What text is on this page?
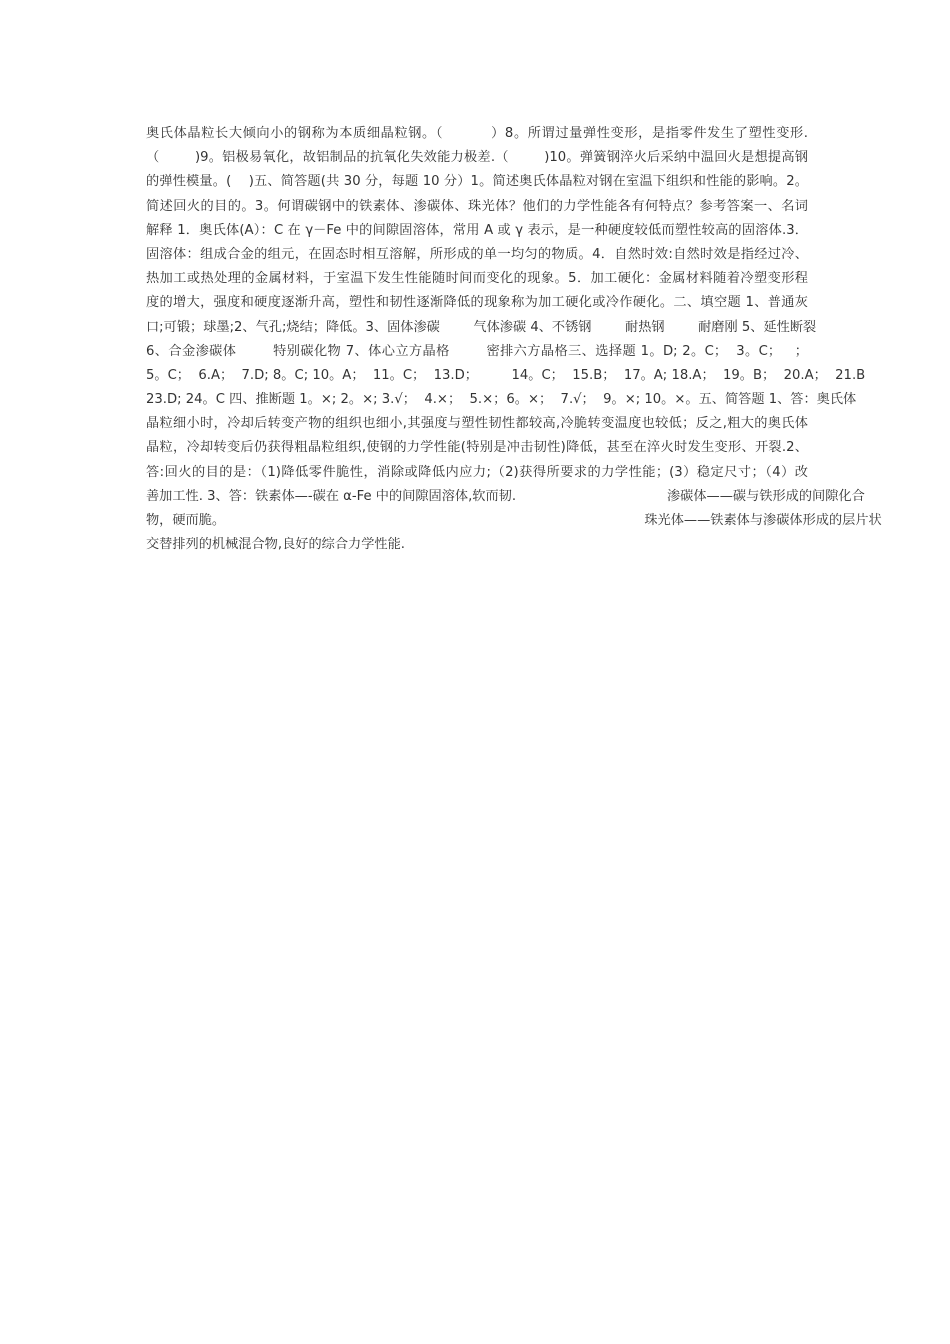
奥氏体晶粒长大倾向小的钢称为本质细晶粒钢。（          ）8。所谓过量弹性变形，是指零件发生了塑性变形.
（        )9。铝极易氧化，故铝制品的抗氧化失效能力极差.（        )10。弹簧钢淬火后采纳中温回火是想提高钢
的弹性模量。(    )五、简答题(共 30 分，每题 10 分）1。简述奥氏体晶粒对钢在室温下组织和性能的影响。2。
简述回火的目的。3。何谓碳钢中的铁素体、渗碳体、珠光体？他们的力学性能各有何特点？参考答案一、名词
解释 1．奥氏体(A）：C 在 γ－Fe 中的间隙固溶体，常用 A 或 γ 表示，是一种硬度较低而塑性较高的固溶体.3．
固溶体：组成合金的组元，在固态时相互溶解，所形成的单一均匀的物质。4．自然时效:自然时效是指经过冷、
热加工或热处理的金属材料，于室温下发生性能随时间而变化的现象。5．加工硬化：金属材料随着冷塑变形程
度的增大，强度和硬度逐渐升高，塑性和韧性逐渐降低的现象称为加工硬化或冷作硬化。二、填空题 1、普通灰
口;可锻；球墨;2、气孔;烧结；降低。3、固体渗碳        气体渗碳 4、不锈钢        耐热钢        耐磨刚 5、延性断裂
6、合金渗碳体        特别碳化物 7、体心立方晶格        密排六方晶格三、选择题 1。D; 2。C；  3。C；   ；
5。C；  6.A；  7.D; 8。C; 10。A；  11。C；  13.D；        14。C；  15.B；  17。A; 18.A；  19。B；  20.A；  21.B
23.D; 24。C 四、推断题 1。×; 2。×; 3.√；  4.×；  5.×；6。×；  7.√；  9。×; 10。×。五、简答题 1、答：奥氏体
晶粒细小时，冷却后转变产物的组织也细小,其强度与塑性韧性都较高,冷脆转变温度也较低；反之,粗大的奥氏体
晶粒，冷却转变后仍获得粗晶粒组织,使钢的力学性能(特别是冲击韧性)降低，甚至在淬火时发生变形、开裂.2、
答:回火的目的是：（1)降低零件脆性，消除或降低内应力;（2)获得所要求的力学性能；(3）稳定尺寸；（4）改
善加工性. 3、答：铁素体—-碳在 α-Fe 中的间隙固溶体,软而韧.                                    渗碳体——碳与铁形成的间隙化合
物，硬而脆。                                                                                                    珠光体——铁素体与渗碳体形成的层片状
交替排列的机械混合物,良好的综合力学性能.
